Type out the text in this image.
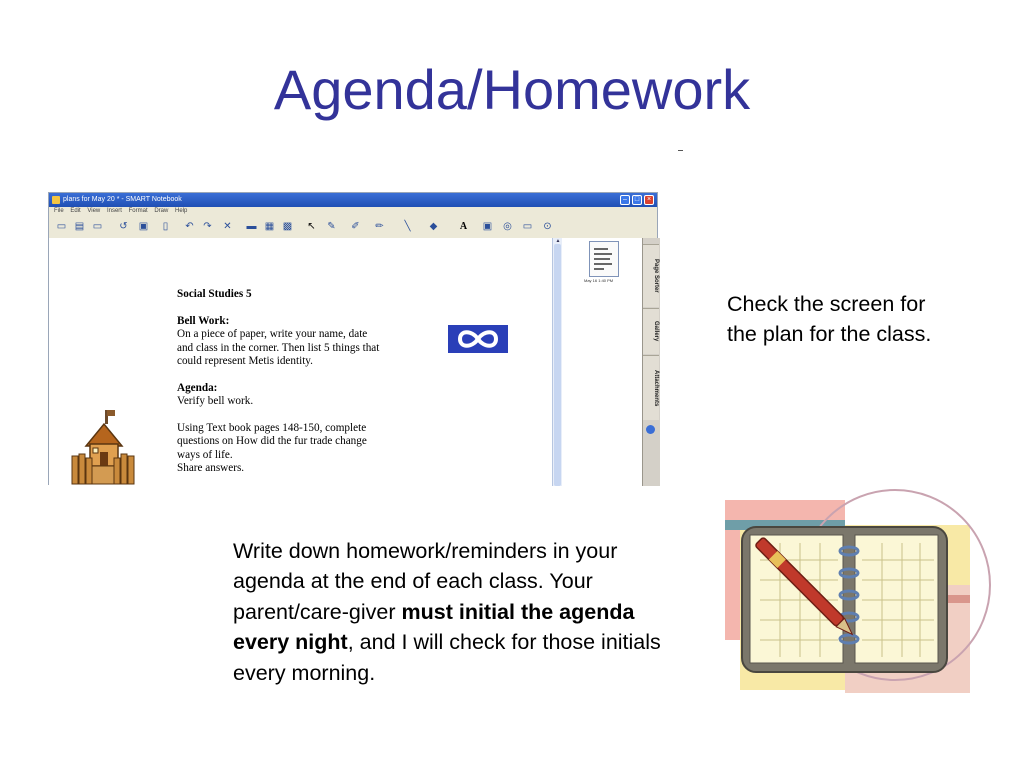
Agenda/Homework
plans for May 20 * - SMART Notebook	–	□	×
File Edit View Insert Format Draw Help
▭ ▤ ▭ ↺ ▣	▯	↶ ↷ ✕ ▬ ▦ ▩ ↖ ✎ ✐ ✏	╲	◆ A ▣ ◎ ▭ ⊙

Social Studies 5

Bell Work:

On a piece of paper, write your name, date

and class in the corner. Then list 5 things that

could represent Metis identity.

Agenda:

Verify bell work.

Using Text book pages 148-150, complete

questions on How did the fur trade change

ways of life.

Share answers.

▲
May 16 1:40 PM	Page Sorter
Gallery
Attachments
Check the screen for the plan for the class.
Write down homework/reminders in your agenda at the end of each class. Your parent/care-giver must initial the agenda every night, and I will check for those initials every morning.
